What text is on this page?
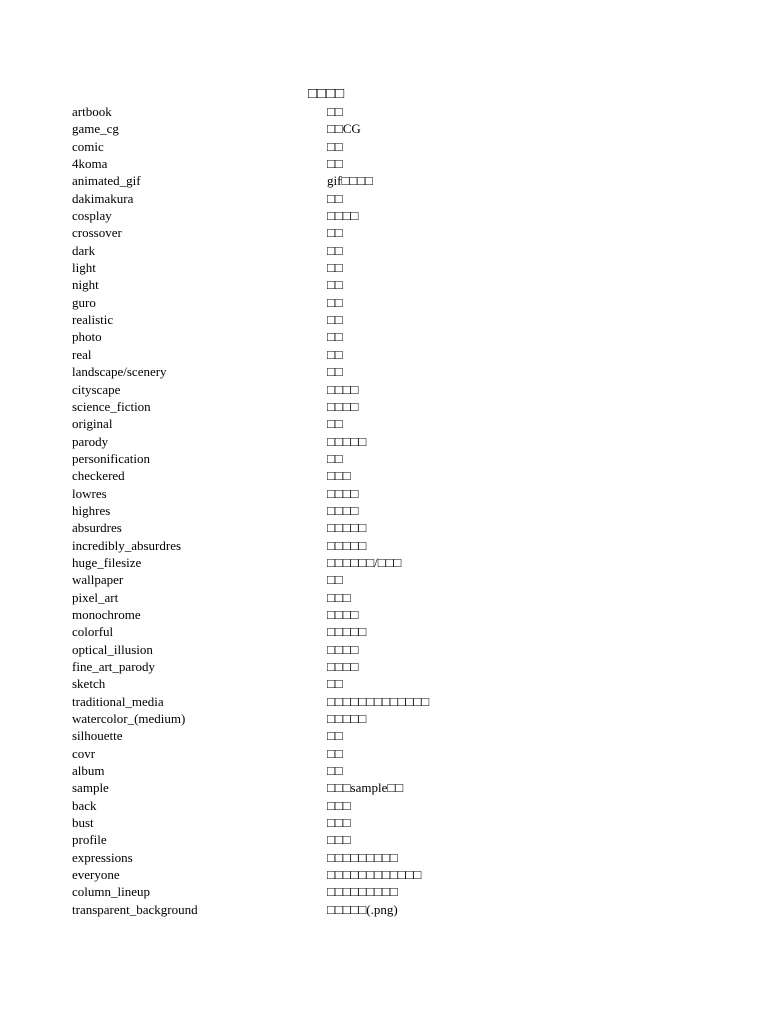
□□□□
artbook	□□
game_cg	□□CG
comic	□□
4koma	□□
animated_gif	gif□□□□
dakimakura	□□
cosplay	□□□□
crossover	□□
dark	□□
light	□□
night	□□
guro	□□
realistic	□□
photo	□□
real	□□
landscape/scenery	□□
cityscape	□□□□
science_fiction	□□□□
original	□□
parody	□□□□□
personification	□□
checkered	□□□
lowres	□□□□
highres	□□□□
absurdres	□□□□□
incredibly_absurdres	□□□□□
huge_filesize	□□□□□□/□□□
wallpaper	□□
pixel_art	□□□
monochrome	□□□□
colorful	□□□□□
optical_illusion	□□□□
fine_art_parody	□□□□
sketch	□□
traditional_media	□□□□□□□□□□□□□
watercolor_(medium)	□□□□□
silhouette	□□
covr	□□
album	□□
sample	□□□sample□□
back	□□□
bust	□□□
profile	□□□
expressions	□□□□□□□□□
everyone	□□□□□□□□□□□□
column_lineup	□□□□□□□□□
transparent_background	□□□□□(.png)
